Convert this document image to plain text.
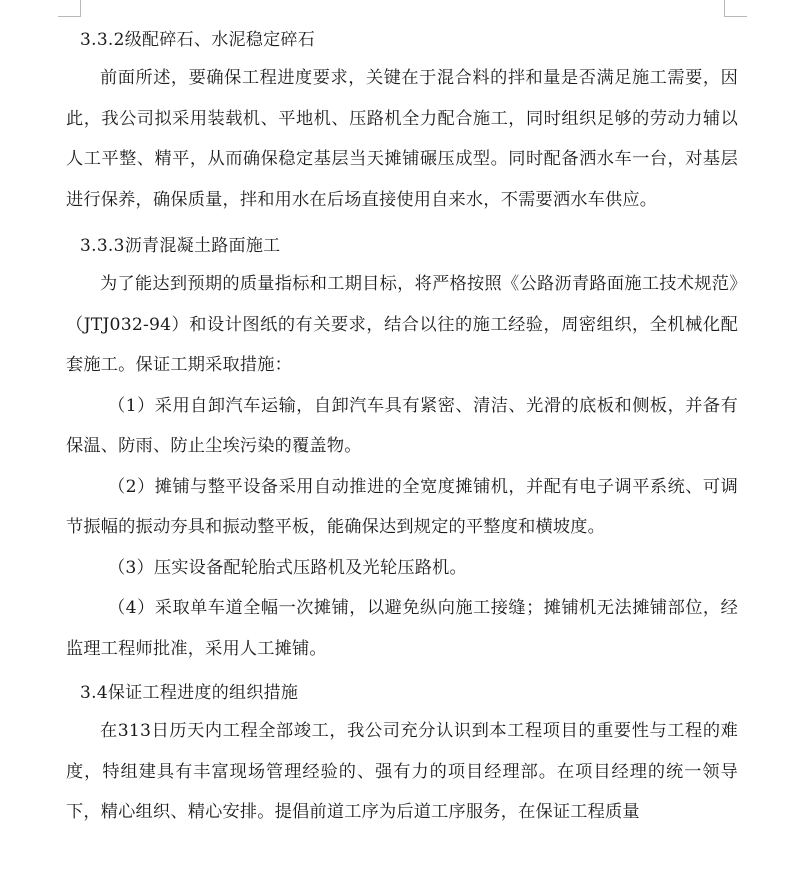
3.3.2级配碎石、水泥稳定碎石

前面所述，要确保工程进度要求，关键在于混合料的拌和量是否满足施工需要，因此，我公司拟采用装载机、平地机、压路机全力配合施工，同时组织足够的劳动力辅以人工平整、精平，从而确保稳定基层当天摊铺碾压成型。同时配备洒水车一台，对基层进行保养，确保质量，拌和用水在后场直接使用自来水，不需要洒水车供应。

3.3.3沥青混凝土路面施工

为了能达到预期的质量指标和工期目标，将严格按照《公路沥青路面施工技术规范》（JTJ032-94）和设计图纸的有关要求，结合以往的施工经验，周密组织，全机械化配套施工。保证工期采取措施：

（1）采用自卸汽车运输，自卸汽车具有紧密、清洁、光滑的底板和侧板，并备有保温、防雨、防止尘埃污染的覆盖物。

（2）摊铺与整平设备采用自动推进的全宽度摊铺机，并配有电子调平系统、可调节振幅的振动夯具和振动整平板，能确保达到规定的平整度和横坡度。

（3）压实设备配轮胎式压路机及光轮压路机。

（4）采取单车道全幅一次摊铺，以避免纵向施工接缝；摊铺机无法摊铺部位，经监理工程师批准，采用人工摊铺。

3.4保证工程进度的组织措施

在313日历天内工程全部竣工，我公司充分认识到本工程项目的重要性与工程的难度，特组建具有丰富现场管理经验的、强有力的项目经理部。在项目经理的统一领导下，精心组织、精心安排。提倡前道工序为后道工序服务，在保证工程质量
